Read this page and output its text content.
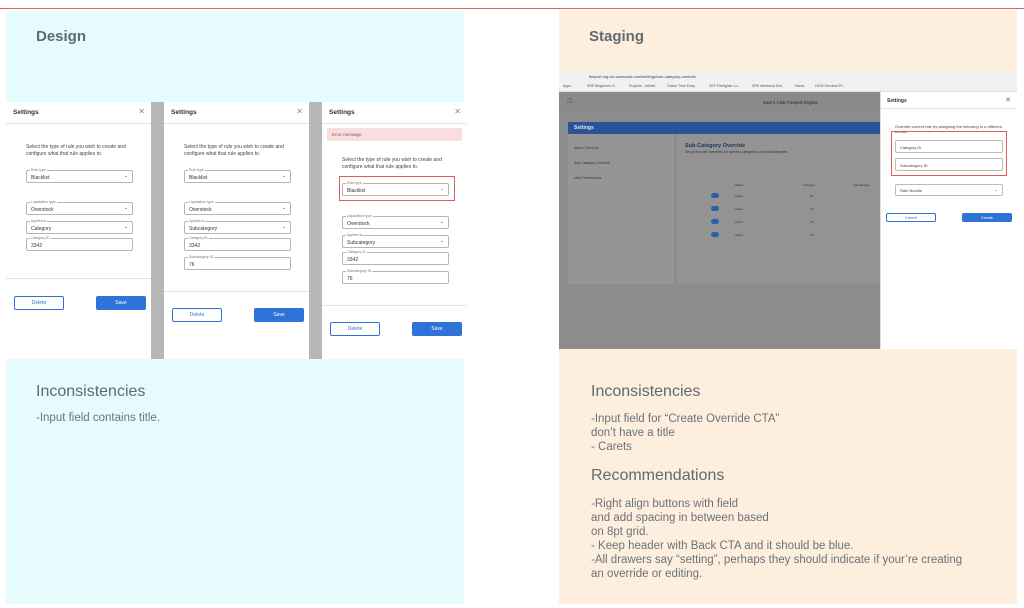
Design
Settings	✕
Select the type of rule you wish to create and configure what that rule applies to.
Rule type
Blacklist	⌄
Liquidation type
Overstock	⌄
Applies to
Category	⌄
Category ID
3342
Delete	Save
Settings	✕
Select the type of rule you wish to create and configure what that rule applies to.
Rule type
Blacklist	⌄
Liquidation type
Overstock	⌄
Applies to
Subcategory	⌄
Category ID
3342
Subcategory ID
76
Delete	Save
Settings	✕
Error message
Select the type of rule you wish to create and configure what that rule applies to.
Rule type
Blacklist	⌄
Liquidation type
Overstock	⌄
Applies to
Subcategory	⌄
Category ID
3342
Subcategory ID
76
Delete	Save
Inconsistencies
-Input field contains title.
Staging
fireport-stg.cld.samsclub.com/settings/sub-category-override
Apps	SRE Beginners G...	Projects - Infobel	Online Time Entry...	SKP Firefighter Lo...	SRE Weekend Sch...	Home	GCW Services Pl...
⌂	Sam's Club Fireport Engine
Settings
Allow / Deny list
Sub Category Override
User Permissions
Sub-Category Override
Set global rate overrides for specific categories and subcategories
Status	Category	Subcategory
Active	84
Active	92
Active	76
Active	76
Settings	✕
Override current rate by assigning the following to a different bundle.
Category ID
Subcategory ID
Rate Bundle	⌄
Cancel	Create
Inconsistencies
-Input field for “Create Override CTA”
don’t have a title
- Carets
Recommendations
-Right align buttons with field
and add spacing in between based
on 8pt grid.
- Keep header with Back CTA and it should be blue.
-All drawers say “setting”, perhaps they should indicate if your’re creating
an override or editing.
